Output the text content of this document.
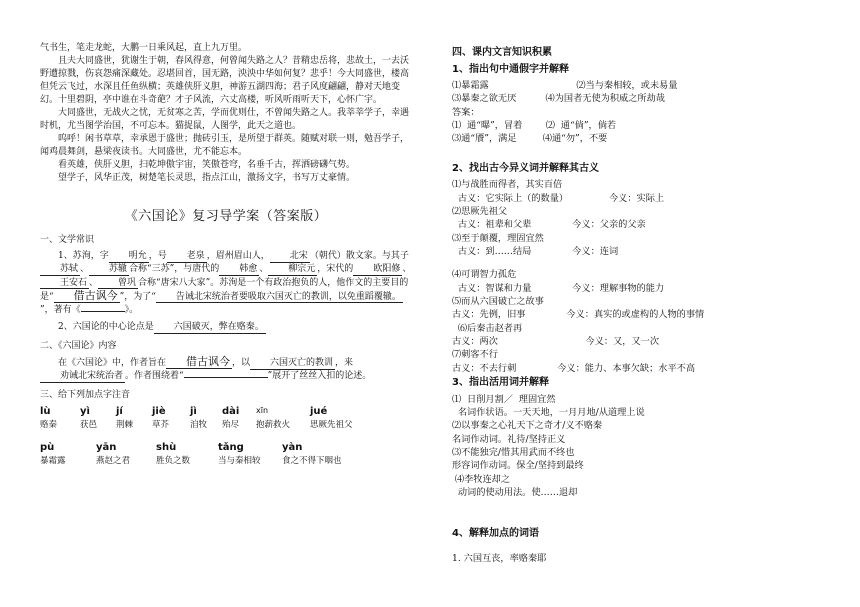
气书生，笔走龙蛇，大鹏一日乘风起，直上九万里。

且夫大同盛世，犹谢生于朝，春风得意，何曾闻失路之人？昔精忠岳将，悲故土，一去沃野遭掠戮，伤哀怨痛深藏处。忍堪回首，国无路，泱泱中华如何复？悲乎！今大同盛世，楼高但凭云飞过，水深且任鱼纵横；英雄侠肝义胆，神游五湖四海；君子风度翩翩，静对天地变幻。十里碧阴，亭中谁在斗奇葩？才子风流，六丈高楼，听风听雨听天下，心怀广宇。

大同盛世，无战火之忧，无贫寒之苦，学而优则仕，不曾闻失路之人。我莘莘学子，幸遇时机，尤当图学治国，不可忘本。猫捉鼠，人图学，此天之道也。

呜呼！闲书草草，幸承恩于盛世；抛砖引玉，是所望于群英。随赋对联一则，勉吾学子，闻鸡晨舞剑，悬梁夜读书。大同盛世，尤不能忘本。

看英雄，侠肝义胆，扫乾坤傲宇宙，笑傲苍穹，名垂千古，挥洒磅礴气势。

望学子，风华正茂，树楚笔长灵思，指点江山，激扬文字，书写万丈豪情。

《六国论》复习导学案（答案版）

一、文学常识

1、苏洵，字 明允 ，号 老泉 ，眉州眉山人， 北宋 （朝代）散文家。与其子苏轼 、 苏辙 合称“三苏”，与唐代的 韩愈 、 柳宗元 ，宋代的 欧阳修 、王安石 、 曾巩 合称“唐宋八大家”。苏洵是一个有政治抱负的人，他作文的主要目的是“ 借古讽今 ”，为了“ 告诫北宋统治者要吸取六国灭亡的教训，以免重蹈覆辙。”，著有《	》。

2、六国论的中心论点是 六国破灭，弊在赂秦。

二、《六国论》内容

在《六国论》中，作者旨在 借古讽今 ，以 六国灭亡的教训 ，来劝诫北宋统治者 。作者围绕着“	”展开了丝丝入扣的论述。

三、给下列加点字注音

lù
赂秦
yì
获邑
jí
荆棘
jiè
草芥
jì
洎牧
dài
殆尽
xīn
抱薪救火
jué
思厥先祖父
pù
暴霜露
yān
燕赵之君
shù
胜负之数
tǎng
当与秦相较
yàn
食之不得下咽也

四、课内文言知识积累

1、指出句中通假字并解释

⑴暴霜露                              ⑵当与秦相较，或未易量

⑶暴秦之欲无厌          ⑷为国者无使为积威之所劫哉

答案：

⑴  通“曝”，冒着        ⑵  通“倘”，倘若

⑶通“餍”，满足         ⑷通“勿”，不要

2、找出古今异义词并解释其古义

⑴与战胜而得者，其实百倍

古义：它实际上（的数量）              今义：实际上

⑵思厥先祖父

古义：祖辈和父辈              今义：父亲的父亲

⑶至于颠覆，理固宜然

古义：到……结局              今义：连词

⑷可谓智力孤危

古义：智谋和力量              今义：理解事物的能力

⑸而从六国破亡之故事

古义：先例，旧事              今义：真实的或虚构的人物的事情

⑹后秦击赵者再

古义：两次                              今义：又，又一次

⑺刺客不行

古义：不去行刺              今义：能力、本事欠缺；水平不高

3、指出活用词并解释

⑴  日削月割／  理固宜然

名词作状语。一天天地，一月月地/从道理上说

⑵以事秦之心礼天下之奇才/义不赂秦

名词作动词。礼待/坚持正义

⑶不能独完/惜其用武而不终也

形容词作动词。保全/坚持到最终

⑷李牧连却之

动词的使动用法。使……退却

4、解释加点的词语

1. 六国互丧，率赂秦耶
